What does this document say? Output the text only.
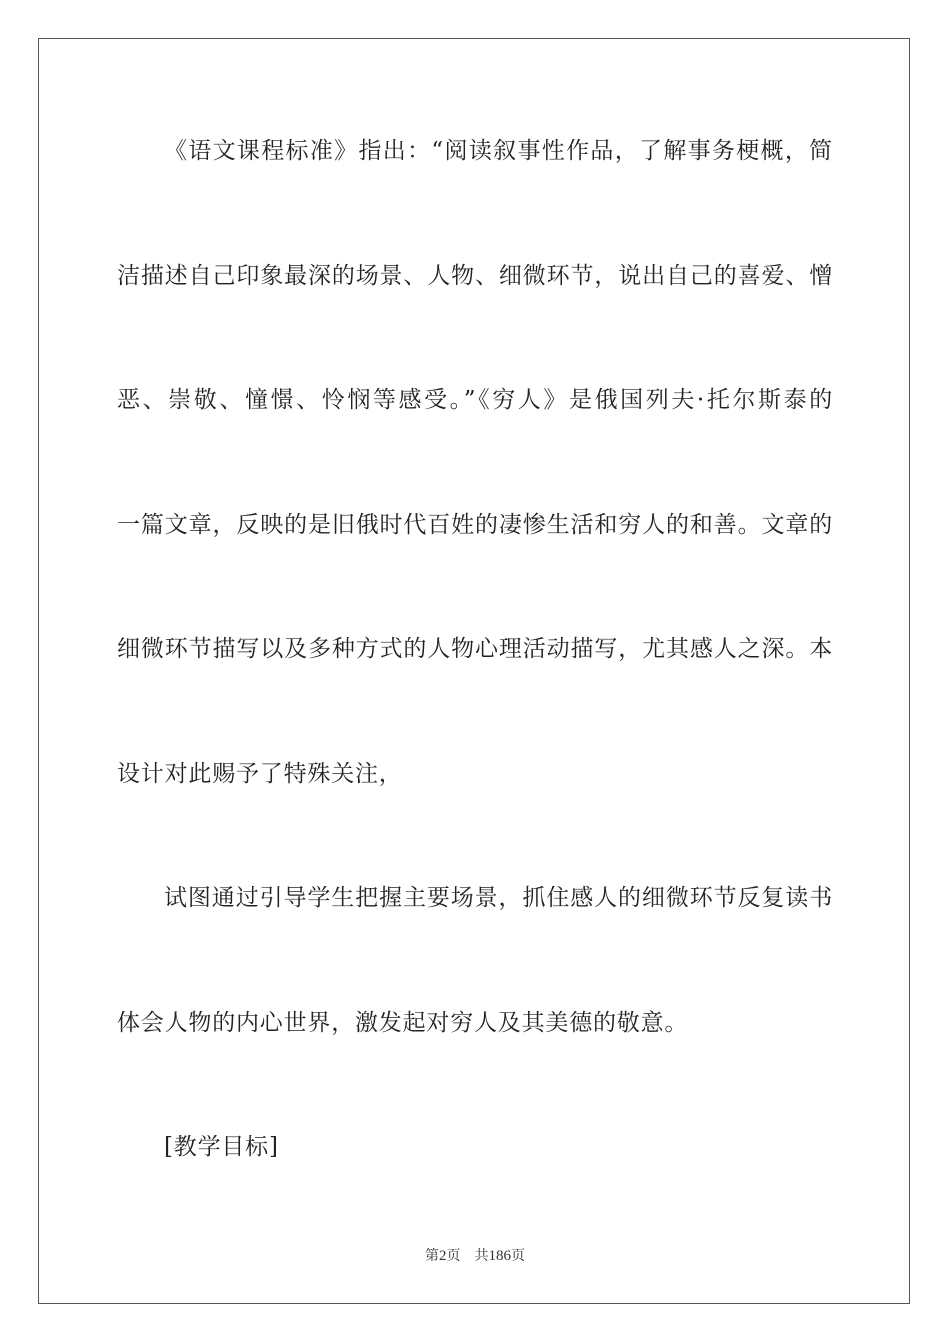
《语文课程标准》指出：“阅读叙事性作品，了解事务梗概，简
洁描述自己印象最深的场景、人物、细微环节，说出自己的喜爱、憎
恶、崇敬、憧憬、怜悯等感受。”《穷人》是俄国列夫·托尔斯泰的
一篇文章，反映的是旧俄时代百姓的凄惨生活和穷人的和善。文章的
细微环节描写以及多种方式的人物心理活动描写，尤其感人之深。本
设计对此赐予了特殊关注，
试图通过引导学生把握主要场景，抓住感人的细微环节反复读书
体会人物的内心世界，激发起对穷人及其美德的敬意。
[教学目标]
第2页 共186页
